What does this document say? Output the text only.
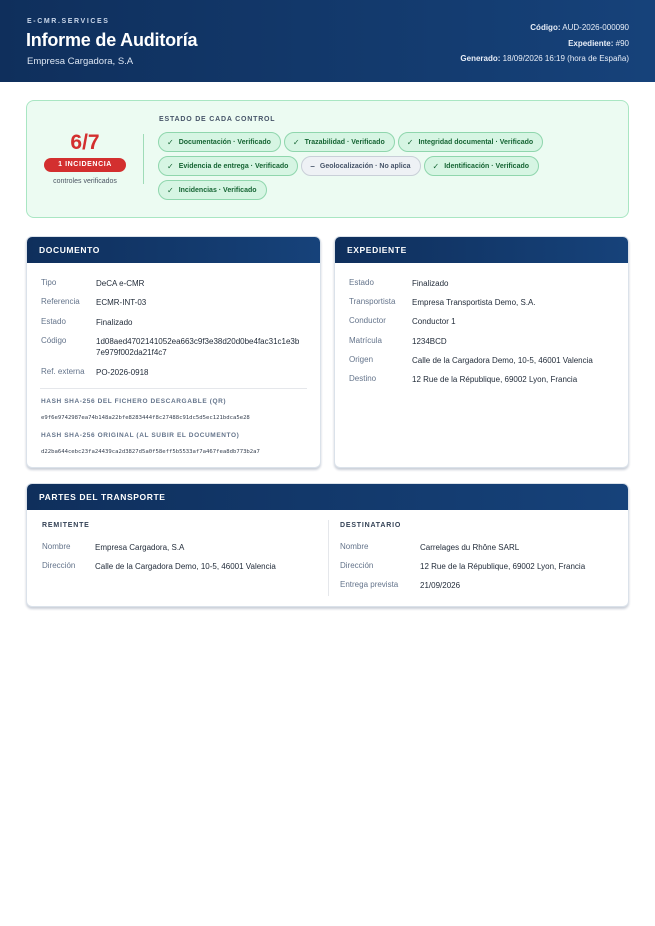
E-CMR.SERVICES
Informe de Auditoría
Empresa Cargadora, S.A
Código: AUD-2026-000090
Expediente: #90
Generado: 18/09/2026 16:19 (hora de España)
6/7
1 INCIDENCIA
controles verificados
ESTADO DE CADA CONTROL
✓ Documentación · Verificado	✓ Trazabilidad · Verificado	✓ Integridad documental · Verificado
✓ Evidencia de entrega · Verificado	– Geolocalización · No aplica	✓ Identificación · Verificado
✓ Incidencias · Verificado
DOCUMENTO
Tipo	DeCA e-CMR
Referencia ECMR-INT-03
Estado	Finalizado
Código	1d08aed4702141052ea663c9f3e38d20d0be4fac31c1e3b
7e979f002da21f4c7
Ref. externa PO-2026-0918
HASH SHA-256 DEL FICHERO DESCARGABLE (QR)
e9f6e9742987ea74b148a22bfe8283444f8c27488c91dc5d5ec121bdca5e28
HASH SHA-256 ORIGINAL (AL SUBIR EL DOCUMENTO)
d22ba644cebc23fa24439ca2d3827d5a0f58eff5b5533af7a467fea8db773b2a7
EXPEDIENTE
Estado	Finalizado
Transportista Empresa Transportista Demo, S.A.
Conductor	Conductor 1
Matrícula	1234BCD
Origen	Calle de la Cargadora Demo, 10-5, 46001 Valencia
Destino	12 Rue de la République, 69002 Lyon, Francia
PARTES DEL TRANSPORTE
REMITENTE
Nombre	Empresa Cargadora, S.A
Dirección Calle de la Cargadora Demo, 10-5, 46001 Valencia
DESTINATARIO
Nombre	Carrelages du Rhône SARL
Dirección	12 Rue de la République, 69002 Lyon, Francia
Entrega prevista	21/09/2026
